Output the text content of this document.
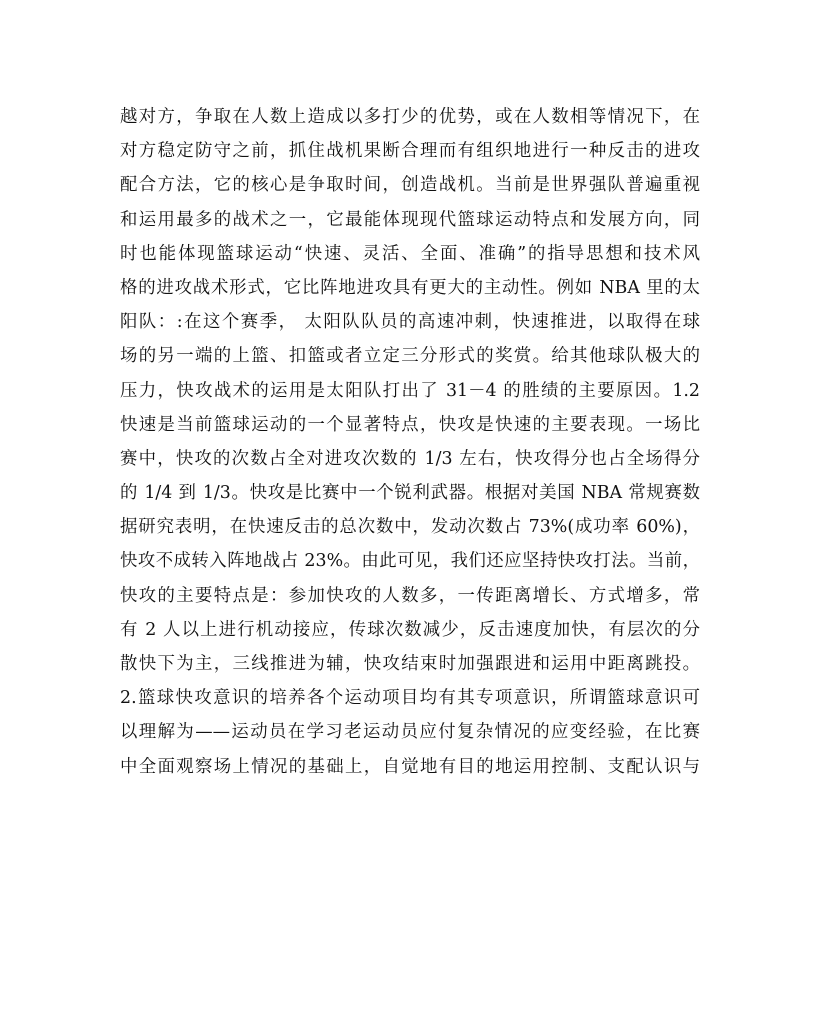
越对方，争取在人数上造成以多打少的优势，或在人数相等情况下，在
对方稳定防守之前，抓住战机果断合理而有组织地进行一种反击的进攻
配合方法，它的核心是争取时间，创造战机。当前是世界强队普遍重视
和运用最多的战术之一，它最能体现现代篮球运动特点和发展方向，同
时也能体现篮球运动“快速、灵活、全面、准确”的指导思想和技术风
格的进攻战术形式，它比阵地进攻具有更大的主动性。例如 NBA 里的太
阳队：:在这个赛季， 太阳队队员的高速冲刺，快速推进，以取得在球
场的另一端的上篮、扣篮或者立定三分形式的奖赏。给其他球队极大的
压力，快攻战术的运用是太阳队打出了 31－4 的胜绩的主要原因。1.2
快速是当前篮球运动的一个显著特点，快攻是快速的主要表现。一场比
赛中，快攻的次数占全对进攻次数的 1/3 左右，快攻得分也占全场得分
的 1/4 到 1/3。快攻是比赛中一个锐利武器。根据对美国 NBA 常规赛数
据研究表明，在快速反击的总次数中，发动次数占 73%(成功率 60%)，
快攻不成转入阵地战占 23%。由此可见，我们还应坚持快攻打法。当前，
快攻的主要特点是：参加快攻的人数多，一传距离增长、方式增多，常
有 2 人以上进行机动接应，传球次数减少，反击速度加快，有层次的分
散快下为主，三线推进为辅，快攻结束时加强跟进和运用中距离跳投。
2.篮球快攻意识的培养各个运动项目均有其专项意识，所谓篮球意识可
以理解为——运动员在学习老运动员应付复杂情况的应变经验，在比赛
中全面观察场上情况的基础上，自觉地有目的地运用控制、支配认识与
